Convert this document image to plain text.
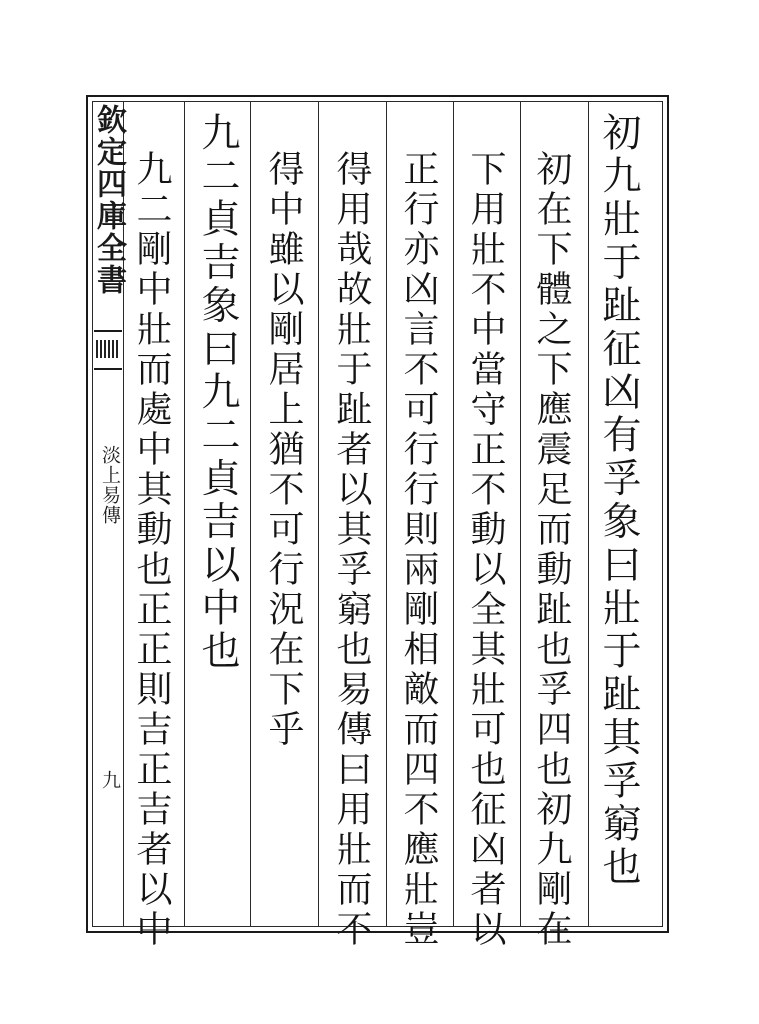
欽定四庫全書
淡上易傳
九	初九壯于趾征凶有孚象曰壯于趾其孚窮也
初在下體之下應震足而動趾也孚四也初九剛在
下用壯不中當守正不動以全其壯可也征凶者以
正行亦凶言不可行行則兩剛相敵而四不應壯豈
得用哉故壯于趾者以其孚窮也易傳曰用壯而不
得中雖以剛居上猶不可行況在下乎
九二貞吉象曰九二貞吉以中也
九二剛中壯而處中其動也正正則吉正吉者以中
